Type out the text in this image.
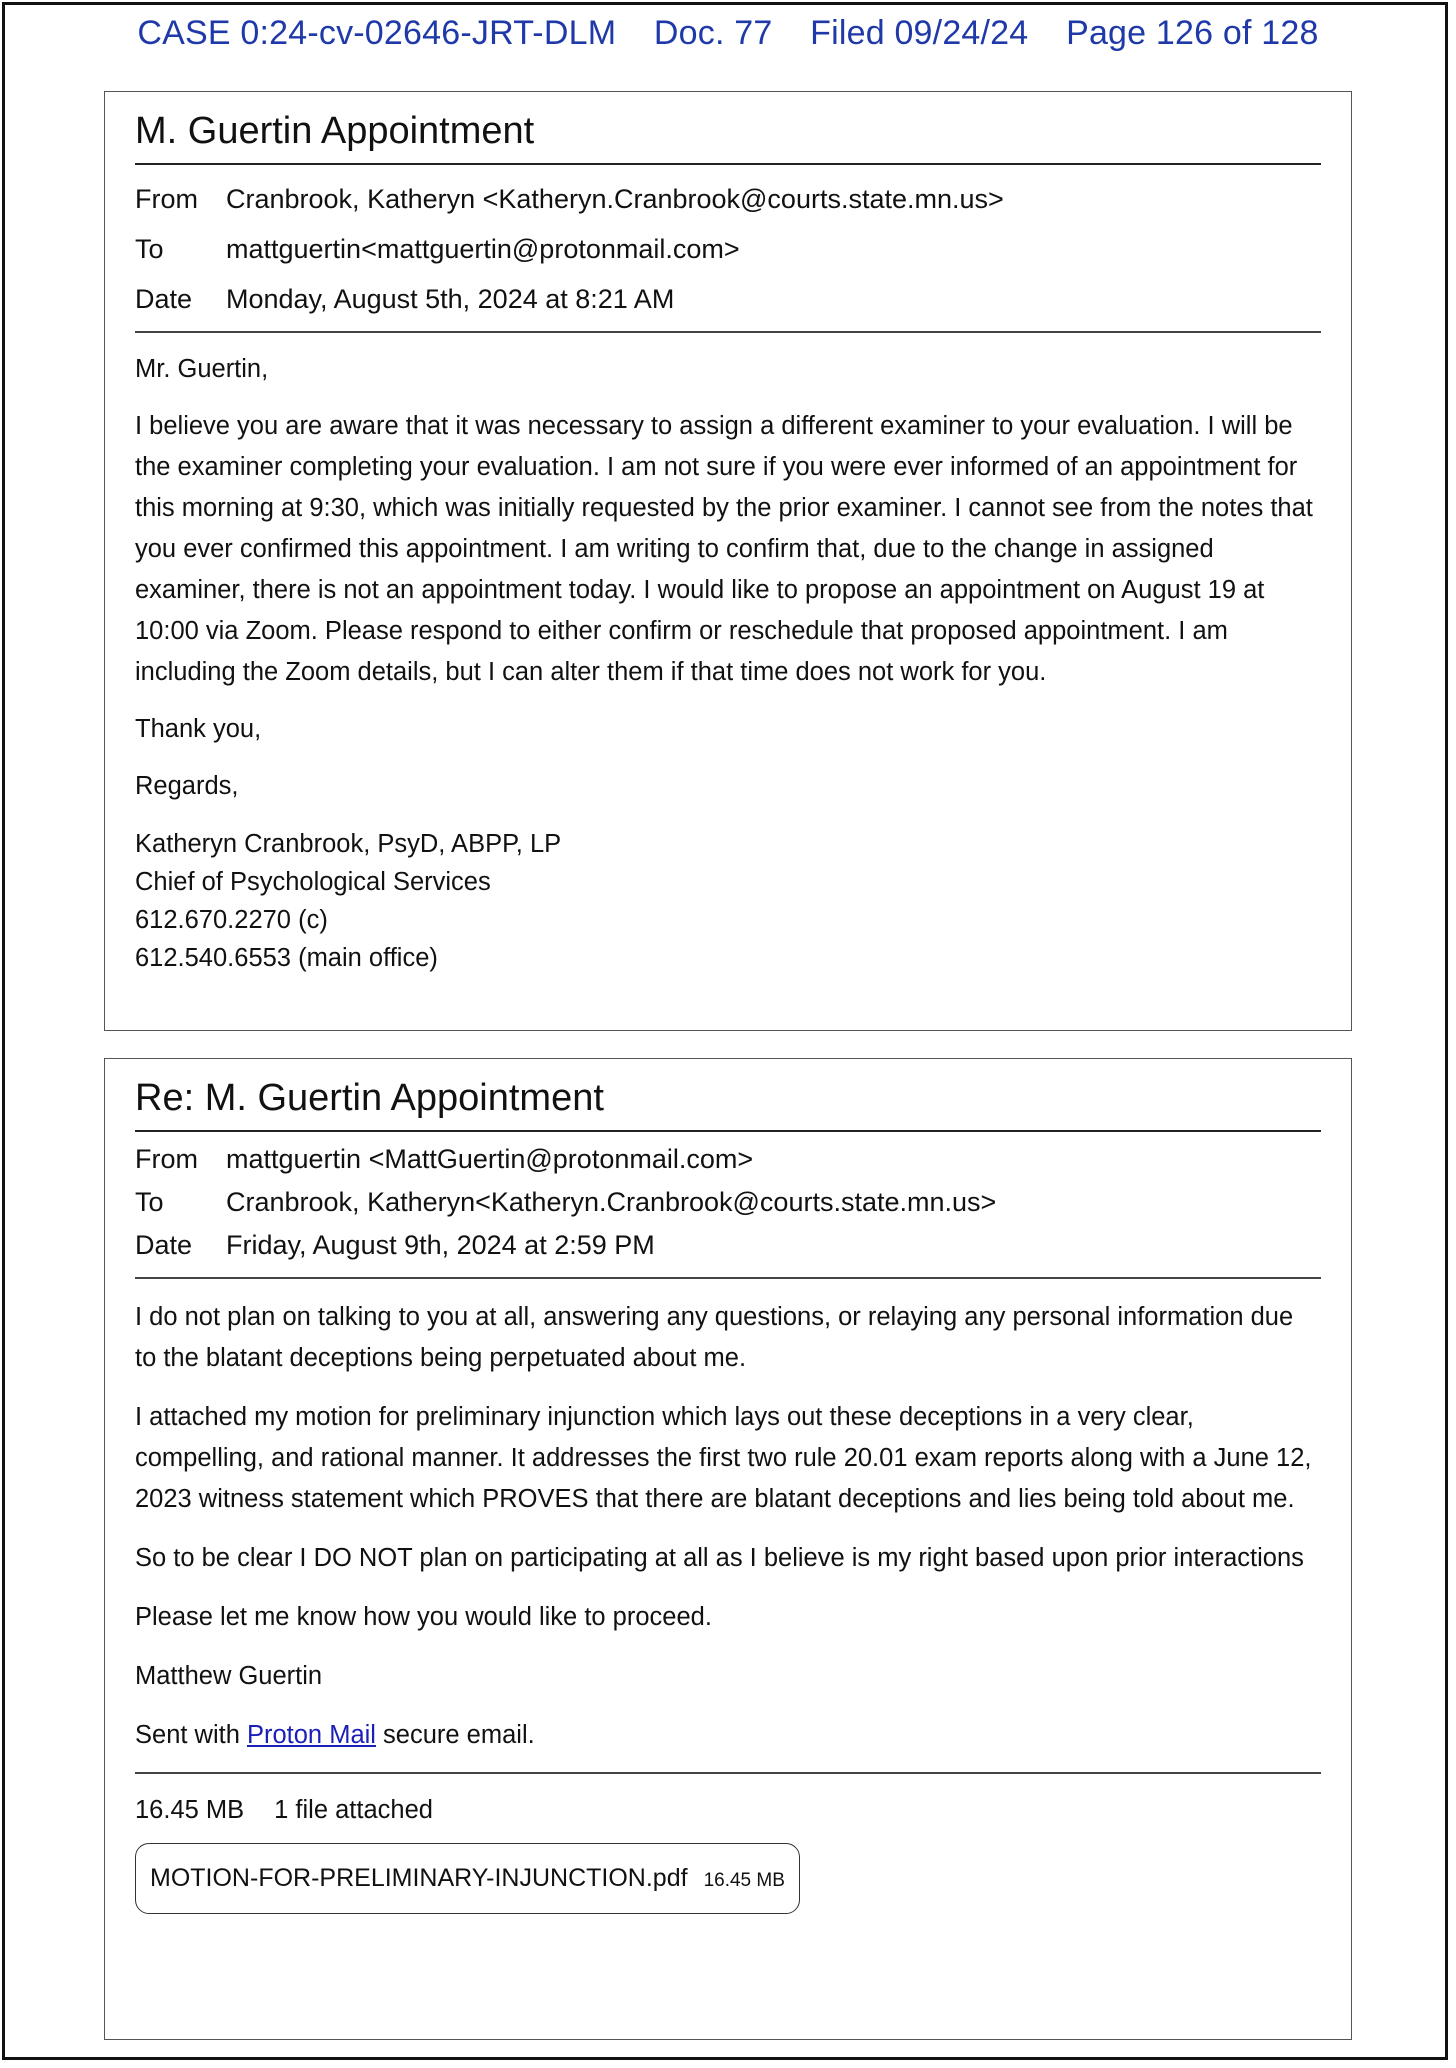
CASE 0:24-cv-02646-JRT-DLM Doc. 77 Filed 09/24/24 Page 126 of 128
M. Guertin Appointment
From	Cranbrook, Katheryn <Katheryn.Cranbrook@courts.state.mn.us>
To	mattguertin<mattguertin@protonmail.com>
Date	Monday, August 5th, 2024 at 8:21 AM

Mr. Guertin,

I believe you are aware that it was necessary to assign a different examiner to your evaluation. I will be the examiner completing your evaluation. I am not sure if you were ever informed of an appointment for this morning at 9:30, which was initially requested by the prior examiner. I cannot see from the notes that you ever confirmed this appointment. I am writing to confirm that, due to the change in assigned examiner, there is not an appointment today. I would like to propose an appointment on August 19 at 10:00 via Zoom. Please respond to either confirm or reschedule that proposed appointment. I am including the Zoom details, but I can alter them if that time does not work for you.

Thank you,

Regards,

Katheryn Cranbrook, PsyD, ABPP, LP
Chief of Psychological Services
612.670.2270 (c)
612.540.6553 (main office)
Re: M. Guertin Appointment
From	mattguertin <MattGuertin@protonmail.com>
To	Cranbrook, Katheryn<Katheryn.Cranbrook@courts.state.mn.us>
Date	Friday, August 9th, 2024 at 2:59 PM

I do not plan on talking to you at all, answering any questions, or relaying any personal information due to the blatant deceptions being perpetuated about me.

I attached my motion for preliminary injunction which lays out these deceptions in a very clear, compelling, and rational manner. It addresses the first two rule 20.01 exam reports along with a June 12, 2023 witness statement which PROVES that there are blatant deceptions and lies being told about me.

So to be clear I DO NOT plan on participating at all as I believe is my right based upon prior interactions

Please let me know how you would like to proceed.

Matthew Guertin

Sent with Proton Mail secure email.

16.45 MB 1 file attached
MOTION-FOR-PRELIMINARY-INJUNCTION.pdf 16.45 MB
